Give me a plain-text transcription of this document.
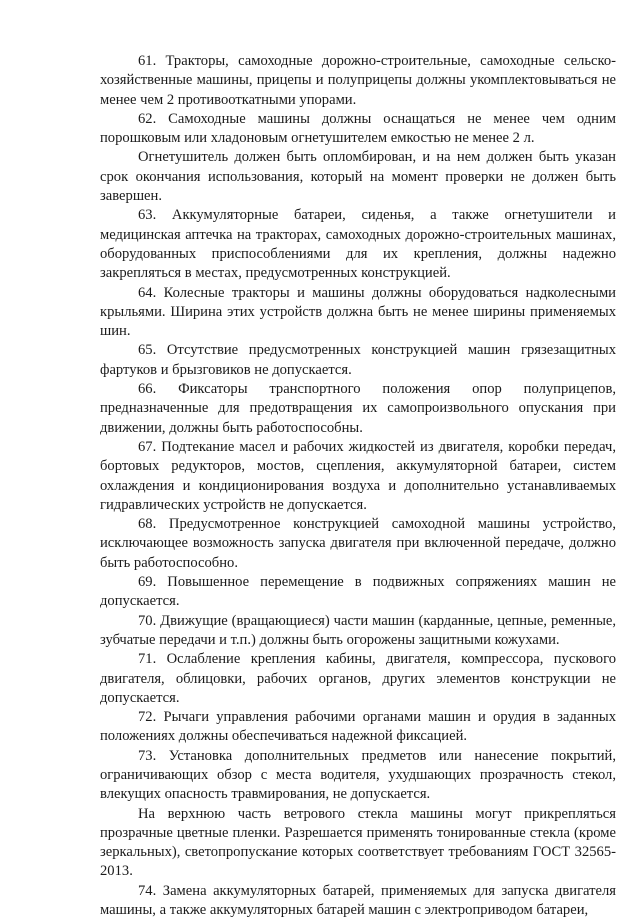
61. Тракторы, самоходные дорожно-строительные, самоходные сельско-хозяйственные машины, прицепы и полуприцепы должны укомплектовываться не менее чем 2 противооткатными упорами.

62. Самоходные машины должны оснащаться не менее чем одним порошковым или хладоновым огнетушителем емкостью не менее 2 л.

Огнетушитель должен быть опломбирован, и на нем должен быть указан срок окончания использования, который на момент проверки не должен быть завершен.

63. Аккумуляторные батареи, сиденья, а также огнетушители и медицинская аптечка на тракторах, самоходных дорожно-строительных машинах, оборудованных приспособлениями для их крепления, должны надежно закрепляться в местах, предусмотренных конструкцией.

64. Колесные тракторы и машины должны оборудоваться надколесными крыльями. Ширина этих устройств должна быть не менее ширины применяемых шин.

65. Отсутствие предусмотренных конструкцией машин грязезащитных фартуков и брызговиков не допускается.

66. Фиксаторы транспортного положения опор полуприцепов, предназначенные для предотвращения их самопроизвольного опускания при движении, должны быть работоспособны.

67. Подтекание масел и рабочих жидкостей из двигателя, коробки передач, бортовых редукторов, мостов, сцепления, аккумуляторной батареи, систем охлаждения и кондиционирования воздуха и дополнительно устанавливаемых гидравлических устройств не допускается.

68. Предусмотренное конструкцией самоходной машины устройство, исключающее возможность запуска двигателя при включенной передаче, должно быть работоспособно.

69. Повышенное перемещение в подвижных сопряжениях машин не допускается.

70. Движущие (вращающиеся) части машин (карданные, цепные, ременные, зубчатые передачи и т.п.) должны быть огорожены защитными кожухами.

71. Ослабление крепления кабины, двигателя, компрессора, пускового двигателя, облицовки, рабочих органов, других элементов конструкции не допускается.

72. Рычаги управления рабочими органами машин и орудия в заданных положениях должны обеспечиваться надежной фиксацией.

73. Установка дополнительных предметов или нанесение покрытий, ограничивающих обзор с места водителя, ухудшающих прозрачность стекол, влекущих опасность травмирования, не допускается.

На верхнюю часть ветрового стекла машины могут прикрепляться прозрачные цветные пленки. Разрешается применять тонированные стекла (кроме зеркальных), светопропускание которых соответствует требованиям ГОСТ 32565-2013.

74. Замена аккумуляторных батарей, применяемых для запуска двигателя машины, а также аккумуляторных батарей машин с электроприводом батареи,
